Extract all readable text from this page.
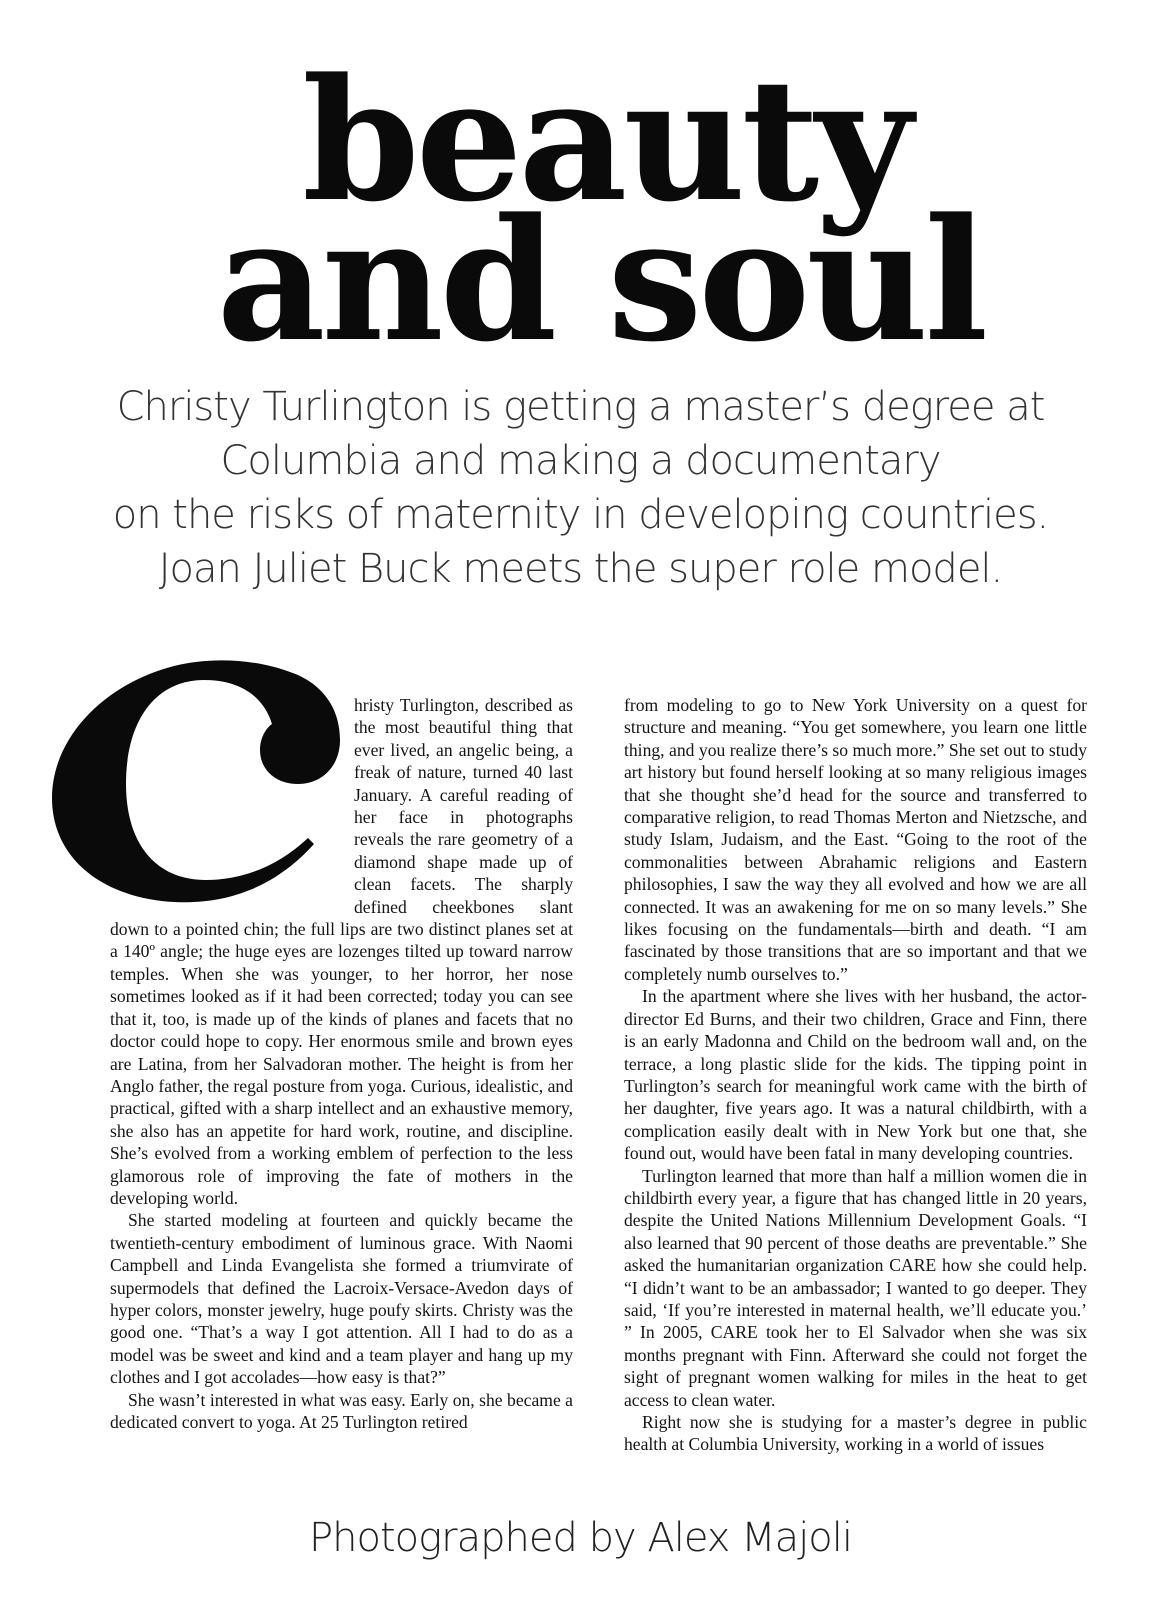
beauty
and soul
Christy Turlington is getting a master’s degree at
Columbia and making a documentary
on the risks of maternity in developing countries.
Joan Juliet Buck meets the super role model.

hristy Turlington, described as the most beautiful thing that ever lived, an angelic being, a freak of nature, turned 40 last January. A careful reading of her face in photographs reveals the rare geometry of a diamond shape made up of clean facets. The sharply defined cheekbones slant down to a pointed chin; the full lips are two distinct planes set at a 140º angle; the huge eyes are lozenges tilted up toward narrow temples. When she was younger, to her horror, her nose sometimes looked as if it had been corrected; today you can see that it, too, is made up of the kinds of planes and facets that no doctor could hope to copy. Her enormous smile and brown eyes are Latina, from her Salvadoran mother. The height is from her Anglo father, the regal posture from yoga. Curious, idealistic, and practical, gifted with a sharp intellect and an exhaustive memory, she also has an appetite for hard work, routine, and discipline. She’s evolved from a working emblem of perfection to the less glamorous role of improving the fate of mothers in the developing world.

She started modeling at fourteen and quickly became the twentieth-century embodiment of luminous grace. With Naomi Campbell and Linda Evangelista she formed a triumvirate of supermodels that defined the Lacroix-Versace-Avedon days of hyper colors, monster jewelry, huge poufy skirts. Christy was the good one. “That’s a way I got attention. All I had to do as a model was be sweet and kind and a team player and hang up my clothes and I got accolades—how easy is that?”

She wasn’t interested in what was easy. Early on, she became a dedicated convert to yoga. At 25 Turlington retired

from modeling to go to New York University on a quest for structure and meaning. “You get somewhere, you learn one little thing, and you realize there’s so much more.” She set out to study art history but found herself looking at so many religious images that she thought she’d head for the source and transferred to comparative religion, to read Thomas Merton and Nietzsche, and study Islam, Judaism, and the East. “Going to the root of the commonalities between Abrahamic religions and Eastern philosophies, I saw the way they all evolved and how we are all connected. It was an awakening for me on so many levels.” She likes focusing on the fundamentals—birth and death. “I am fascinated by those transitions that are so important and that we completely numb ourselves to.”

In the apartment where she lives with her husband, the actor-director Ed Burns, and their two children, Grace and Finn, there is an early Madonna and Child on the bedroom wall and, on the terrace, a long plastic slide for the kids. The tipping point in Turlington’s search for meaningful work came with the birth of her daughter, five years ago. It was a natural childbirth, with a complication easily dealt with in New York but one that, she found out, would have been fatal in many developing countries.

Turlington learned that more than half a million women die in childbirth every year, a figure that has changed little in 20 years, despite the United Nations Millennium Development Goals. “I also learned that 90 percent of those deaths are preventable.” She asked the humanitarian organization CARE how she could help. “I didn’t want to be an ambassador; I wanted to go deeper. They said, ‘If you’re interested in maternal health, we’ll educate you.’ ” In 2005, CARE took her to El Salvador when she was six months pregnant with Finn. Afterward she could not forget the sight of pregnant women walking for miles in the heat to get access to clean water.

Right now she is studying for a master’s degree in public health at Columbia University, working in a world of issues

Photographed by Alex Majoli
